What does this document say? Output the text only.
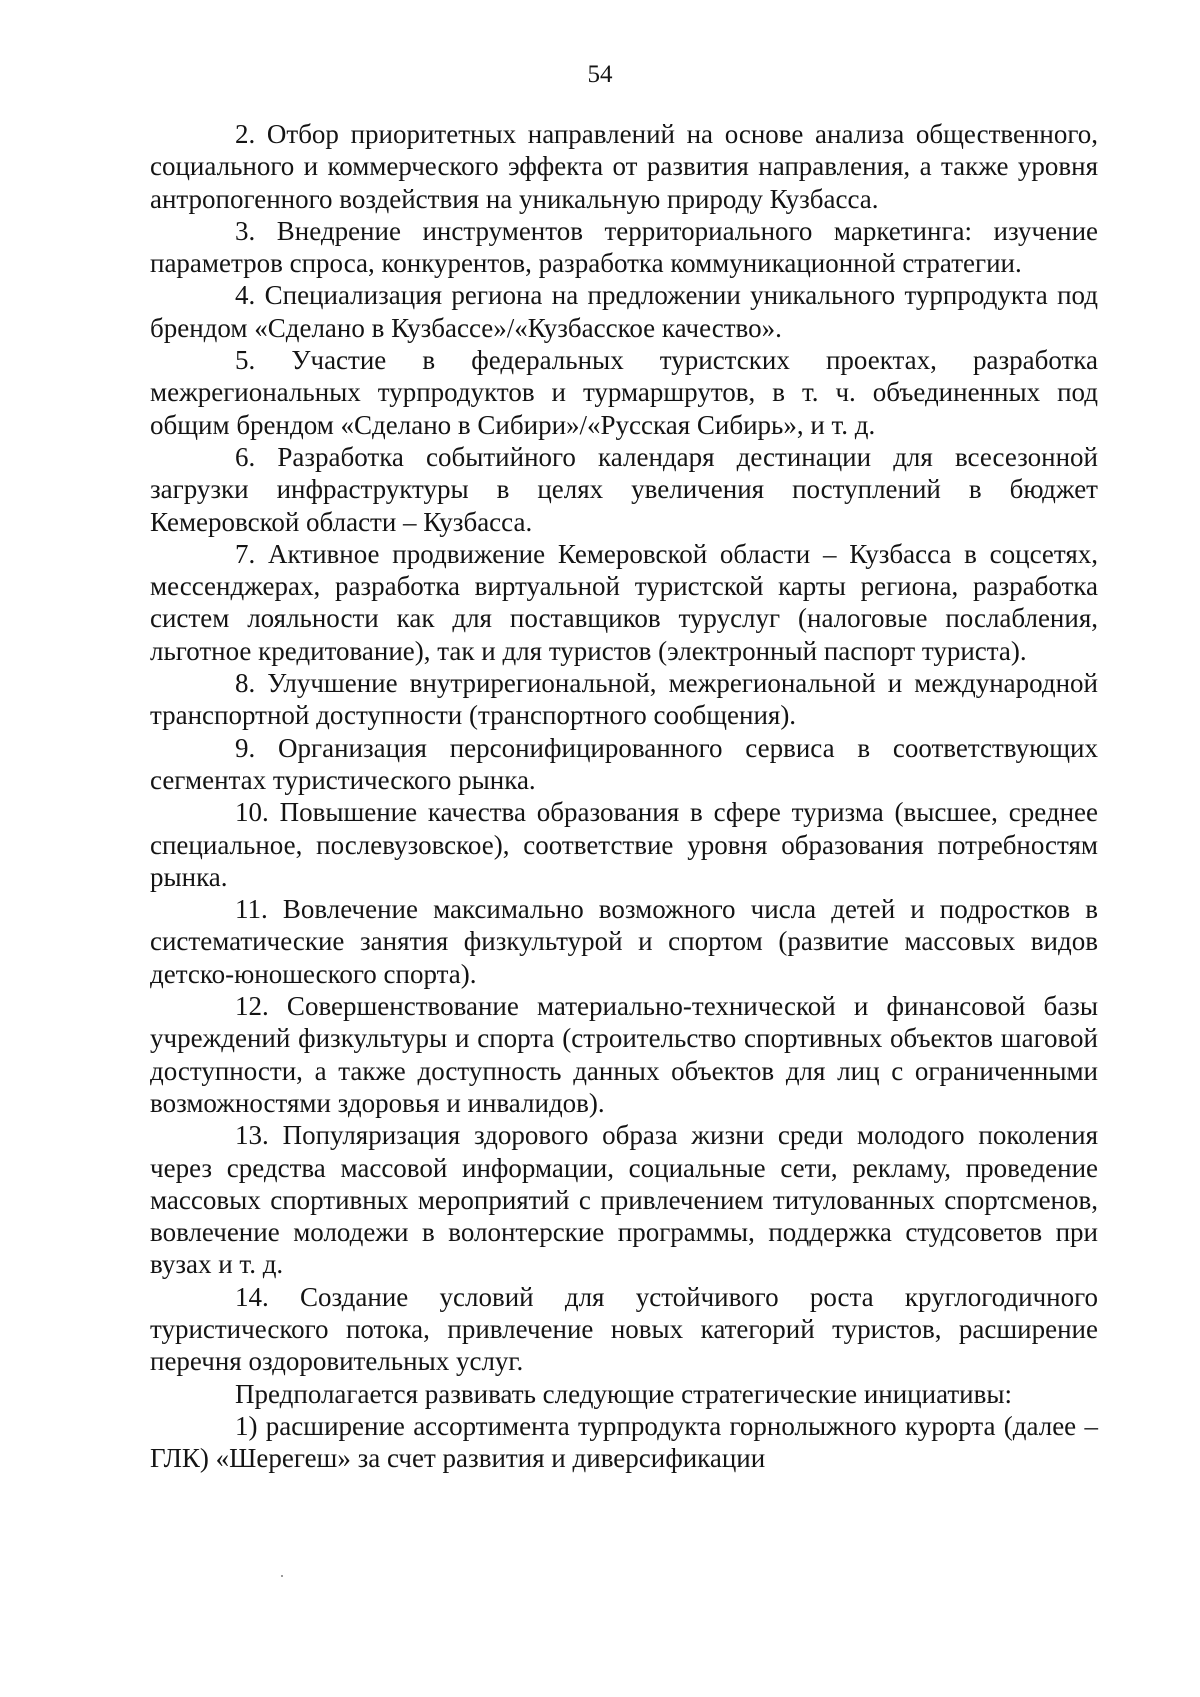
54

2. Отбор приоритетных направлений на основе анализа общественного, социального и коммерческого эффекта от развития направления, а также уровня антропогенного воздействия на уникальную природу Кузбасса.

3. Внедрение инструментов территориального маркетинга: изучение параметров спроса, конкурентов, разработка коммуникационной стратегии.

4. Специализация региона на предложении уникального турпродукта под брендом «Сделано в Кузбассе»/«Кузбасское качество».

5. Участие в федеральных туристских проектах, разработка межрегиональных турпродуктов и турмаршрутов, в т. ч. объединенных под общим брендом «Сделано в Сибири»/«Русская Сибирь», и т. д.

6. Разработка событийного календаря дестинации для всесезонной загрузки инфраструктуры в целях увеличения поступлений в бюджет Кемеровской области – Кузбасса.

7. Активное продвижение Кемеровской области – Кузбасса в соцсетях, мессенджерах, разработка виртуальной туристской карты региона, разработка систем лояльности как для поставщиков туруслуг (налоговые послабления, льготное кредитование), так и для туристов (электронный паспорт туриста).

8. Улучшение внутрирегиональной, межрегиональной и международной транспортной доступности (транспортного сообщения).

9. Организация персонифицированного сервиса в соответствующих сегментах туристического рынка.

10. Повышение качества образования в сфере туризма (высшее, среднее специальное, послевузовское), соответствие уровня образования потребностям рынка.

11. Вовлечение максимально возможного числа детей и подростков в систематические занятия физкультурой и спортом (развитие массовых видов детско-юношеского спорта).

12. Совершенствование материально-технической и финансовой базы учреждений физкультуры и спорта (строительство спортивных объектов шаговой доступности, а также доступность данных объектов для лиц с ограниченными возможностями здоровья и инвалидов).

13. Популяризация здорового образа жизни среди молодого поколения через средства массовой информации, социальные сети, рекламу, проведение массовых спортивных мероприятий с привлечением титулованных спортсменов, вовлечение молодежи в волонтерские программы, поддержка студсоветов при вузах и т. д.

14. Создание условий для устойчивого роста круглогодичного туристического потока, привлечение новых категорий туристов, расширение перечня оздоровительных услуг.

Предполагается развивать следующие стратегические инициативы:

1) расширение ассортимента турпродукта горнолыжного курорта (далее – ГЛК) «Шерегеш» за счет развития и диверсификации
